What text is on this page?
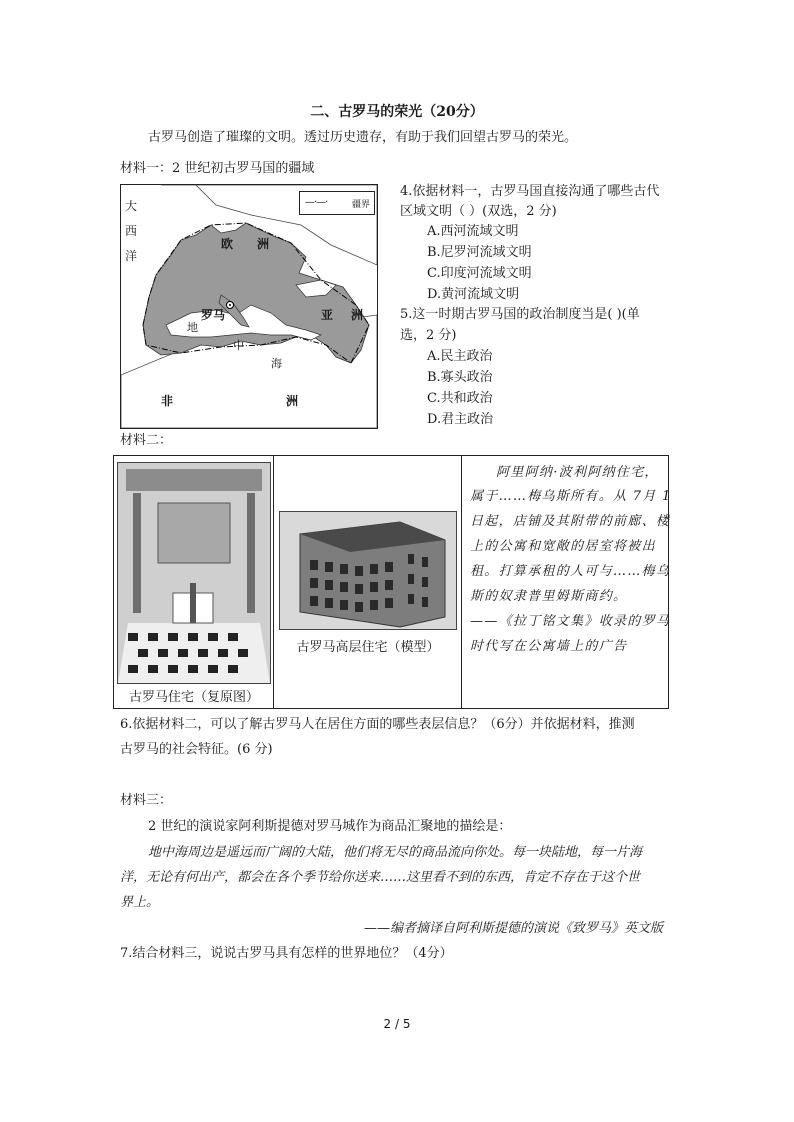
二、古罗马的荣光（20分）
古罗马创造了璀璨的文明。透过历史遗存，有助于我们回望古罗马的荣光。
材料一：2 世纪初古罗马国的疆域
—·—·	疆界
大
西
洋
欧 洲
罗马
地
中
海
亚 洲
非	洲
4.依据材料一，古罗马国直接沟通了哪些古代
区域文明（ ）(双选，2 分)
A.西河流域文明
B.尼罗河流域文明
C.印度河流域文明
D.黄河流域文明
5.这一时期古罗马国的政治制度当是( )(单
选，2 分)
A.民主政治
B.寡头政治
C.共和政治
D.君主政治
材料二：
古罗马住宅（复原图）
古罗马高层住宅（模型）
阿里阿纳·波利阿纳住宅，
属于……梅乌斯所有。从 7月 1
日起，店铺及其附带的前廊、楼
上的公寓和宽敞的居室将被出
租。打算承租的人可与……梅乌
斯的奴隶普里姆斯商约。
——《拉丁铭文集》收录的罗马
时代写在公寓墙上的广告
6.依据材料二，可以了解古罗马人在居住方面的哪些表层信息？（6分）并依据材料，推测
古罗马的社会特征。(6 分)
材料三：
2 世纪的演说家阿利斯提德对罗马城作为商品汇聚地的描绘是：
地中海周边是遥远而广阔的大陆，他们将无尽的商品流向你处。每一块陆地，每一片海
洋，无论有何出产，都会在各个季节给你送来……这里看不到的东西，肯定不存在于这个世
界上。
——编者摘译自阿利斯提德的演说《致罗马》英文版
7.结合材料三，说说古罗马具有怎样的世界地位？（4分）
2 / 5
